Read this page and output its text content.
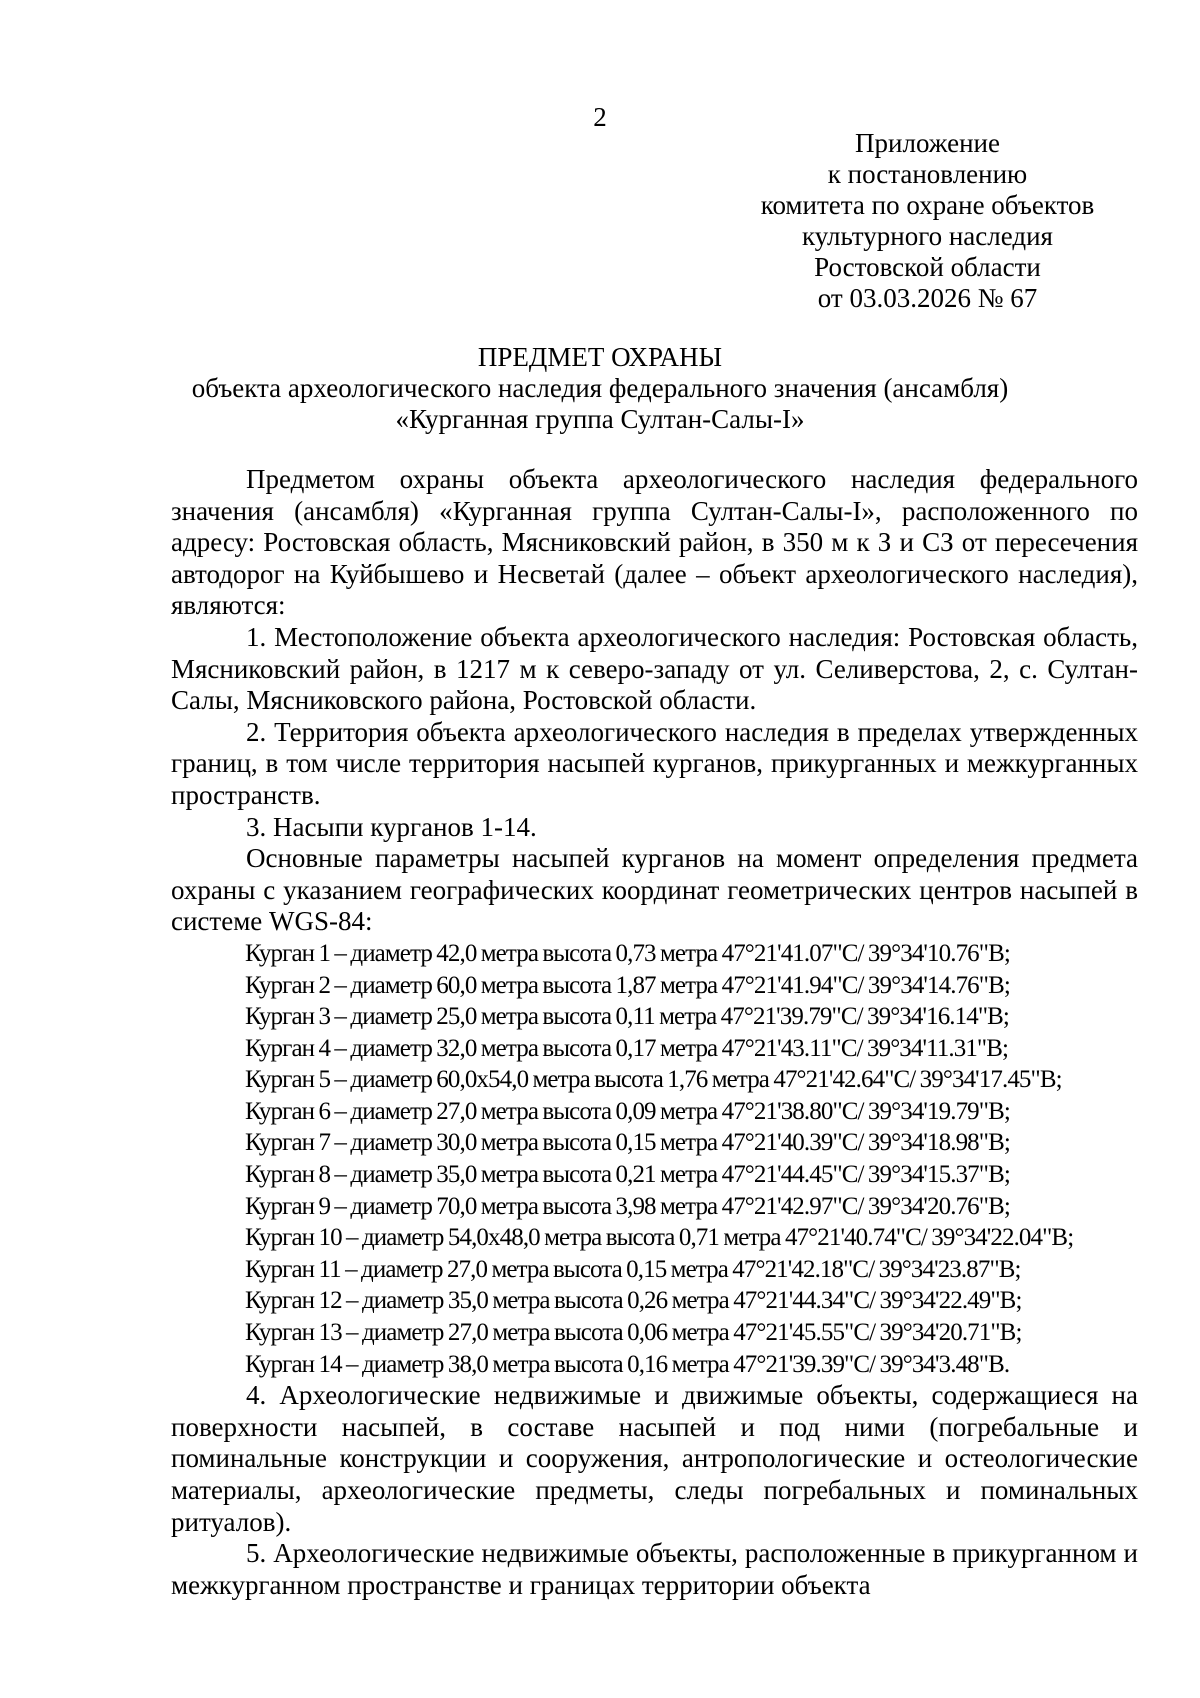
2
Приложение
к постановлению
комитета по охране объектов
культурного наследия
Ростовской области
от 03.03.2026 № 67
ПРЕДМЕТ ОХРАНЫ
объекта археологического наследия федерального значения (ансамбля)
«Курганная группа Султан-Салы-I»

Предметом охраны объекта археологического наследия федерального значения (ансамбля) «Курганная группа Султан-Салы-I», расположенного по адресу: Ростовская область, Мясниковский район, в 350 м к З и СЗ от пересечения автодорог на Куйбышево и Несветай (далее – объект археологического наследия), являются:

1. Местоположение объекта археологического наследия: Ростовская область, Мясниковский район, в 1217 м к северо-западу от ул. Селиверстова, 2, с. Султан-Салы, Мясниковского района, Ростовской области.

2. Территория объекта археологического наследия в пределах утвержденных границ, в том числе территория насыпей курганов, прикурганных и межкурганных пространств.

3. Насыпи курганов 1-14.

Основные параметры насыпей курганов на момент определения предмета охраны с указанием географических координат геометрических центров насыпей в системе WGS-84:

Курган 1 – диаметр 42,0 метра высота 0,73 метра 47°21'41.07"С/ 39°34'10.76"В;
Курган 2 – диаметр 60,0 метра высота 1,87 метра 47°21'41.94"С/ 39°34'14.76"В;
Курган 3 – диаметр 25,0 метра высота 0,11 метра 47°21'39.79"С/ 39°34'16.14"В;
Курган 4 – диаметр 32,0 метра высота 0,17 метра 47°21'43.11"С/ 39°34'11.31"В;
Курган 5 – диаметр 60,0х54,0 метра высота 1,76 метра 47°21'42.64"С/ 39°34'17.45"В;
Курган 6 – диаметр 27,0 метра высота 0,09 метра 47°21'38.80"С/ 39°34'19.79"В;
Курган 7 – диаметр 30,0 метра высота 0,15 метра 47°21'40.39"С/ 39°34'18.98"В;
Курган 8 – диаметр 35,0 метра высота 0,21 метра 47°21'44.45"С/ 39°34'15.37"В;
Курган 9 – диаметр 70,0 метра высота 3,98 метра 47°21'42.97"С/ 39°34'20.76"В;
Курган 10 – диаметр 54,0х48,0 метра высота 0,71 метра 47°21'40.74"С/ 39°34'22.04"В;
Курган 11 – диаметр 27,0 метра высота 0,15 метра 47°21'42.18"С/ 39°34'23.87"В;
Курган 12 – диаметр 35,0 метра высота 0,26 метра 47°21'44.34"С/ 39°34'22.49"В;
Курган 13 – диаметр 27,0 метра высота 0,06 метра 47°21'45.55"С/ 39°34'20.71"В;
Курган 14 – диаметр 38,0 метра высота 0,16 метра 47°21'39.39"С/ 39°34'3.48"В.

4. Археологические недвижимые и движимые объекты, содержащиеся на поверхности насыпей, в составе насыпей и под ними (погребальные и поминальные конструкции и сооружения, антропологические и остеологические материалы, археологические предметы, следы погребальных и поминальных ритуалов).

5. Археологические недвижимые объекты, расположенные в прикурганном и межкурганном пространстве и границах территории объекта
